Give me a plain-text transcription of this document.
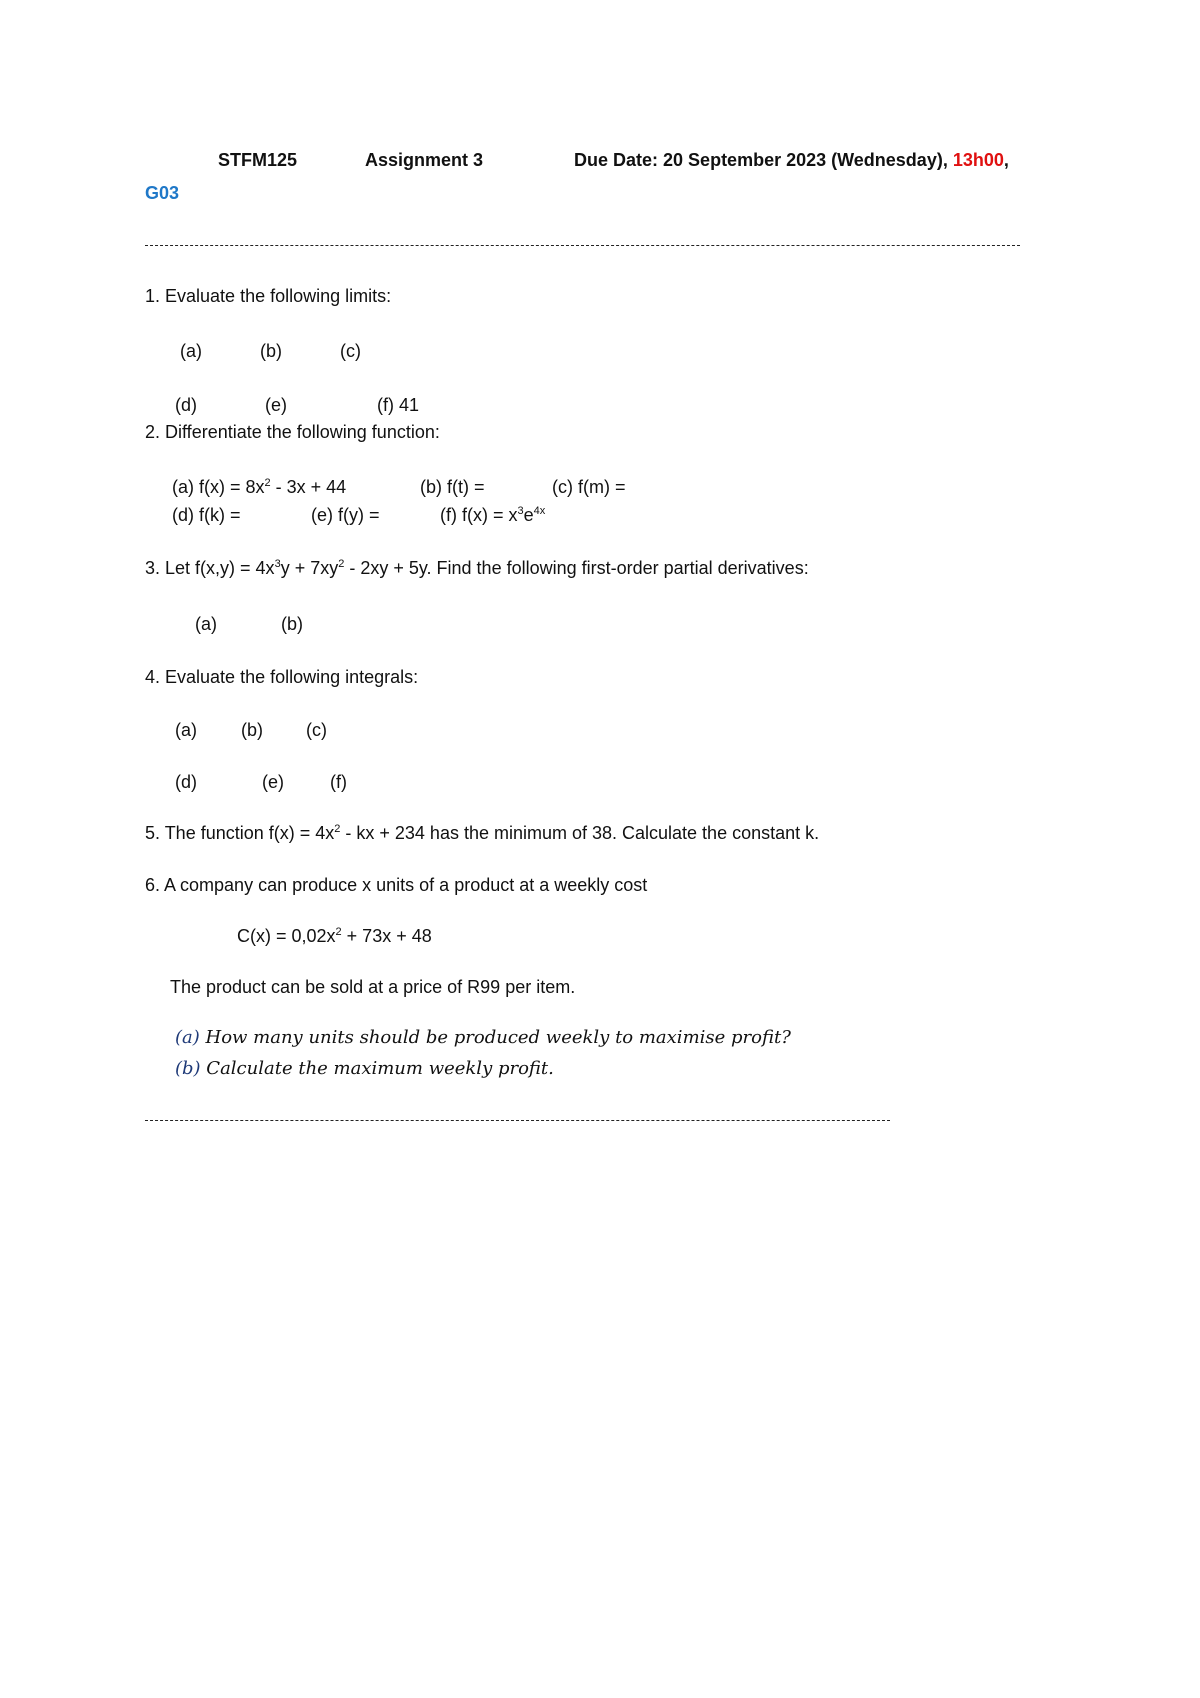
STFM125	Assignment 3	Due Date: 20 September 2023 (Wednesday), 13h00,
G03
1. Evaluate the following limits:
(a)	(b)	(c)
(d)	(e)	(f) 41
2. Differentiate the following function:
(a) $f(x) = 8x^2 - 3x + 44$	(b) f(t) =	(c) f(m) =
(d) f(k) =	(e) f(y) =	(f) $f(x) = x^3e^{4x}$
3. Let $f(x,y) = 4x^3y + 7xy^2 - 2xy + 5y$. Find the following first-order partial derivatives:
(a)	(b)
4. Evaluate the following integrals:
(a) (b) (c)
(d)	(e)	(f)
5. The function $f(x) = 4x^2$ - kx + 234 has the minimum of 38. Calculate the constant k.
6. A company can produce x units of a product at a weekly cost
$C(x) = 0,02x^2 + 73x + 48$
The product can be sold at a price of R99 per item.
(a) How many units should be produced weekly to maximise profit?
(b) Calculate the maximum weekly profit.
